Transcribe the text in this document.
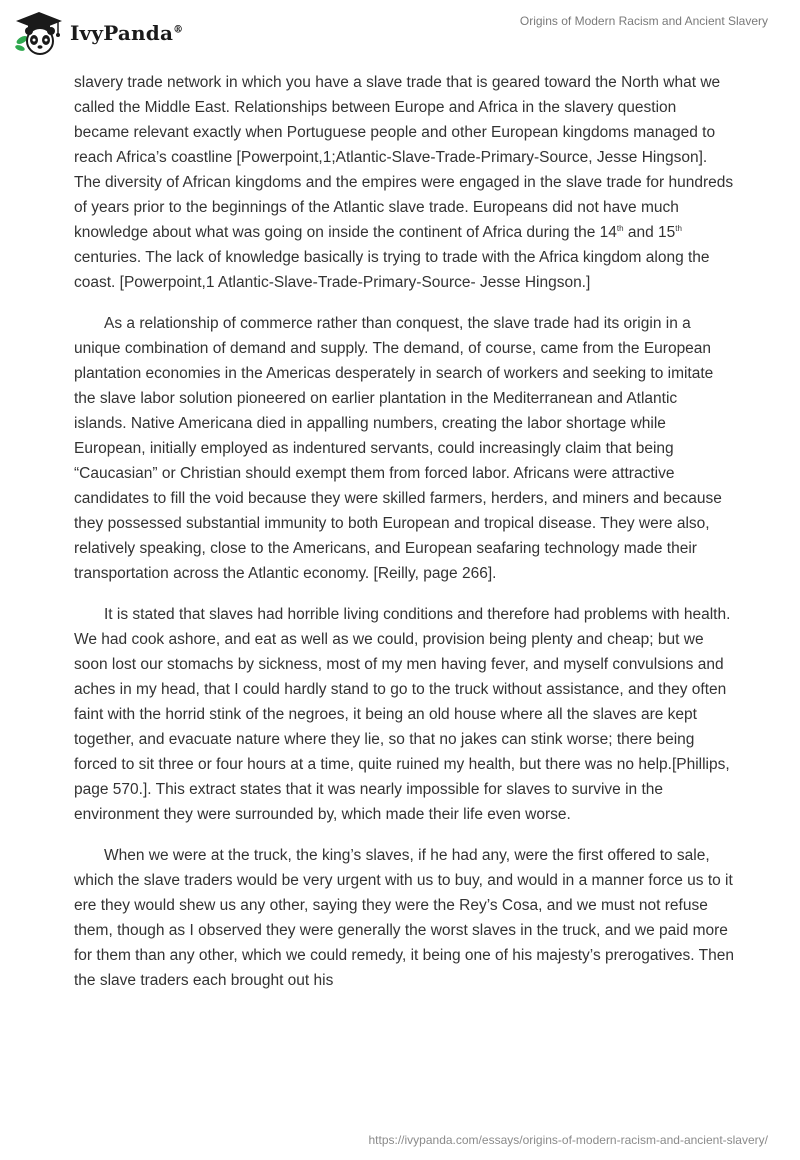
IvyPanda®
Origins of Modern Racism and Ancient Slavery

slavery trade network in which you have a slave trade that is geared toward the North what we called the Middle East. Relationships between Europe and Africa in the slavery question became relevant exactly when Portuguese people and other European kingdoms managed to reach Africa’s coastline [Powerpoint,1;Atlantic-Slave-Trade-Primary-Source, Jesse Hingson]. The diversity of African kingdoms and the empires were engaged in the slave trade for hundreds of years prior to the beginnings of the Atlantic slave trade. Europeans did not have much knowledge about what was going on inside the continent of Africa during the 14th and 15th centuries. The lack of knowledge basically is trying to trade with the Africa kingdom along the coast. [Powerpoint,1 Atlantic-Slave-Trade-Primary-Source- Jesse Hingson.]

As a relationship of commerce rather than conquest, the slave trade had its origin in a unique combination of demand and supply. The demand, of course, came from the European plantation economies in the Americas desperately in search of workers and seeking to imitate the slave labor solution pioneered on earlier plantation in the Mediterranean and Atlantic islands. Native Americana died in appalling numbers, creating the labor shortage while European, initially employed as indentured servants, could increasingly claim that being “Caucasian” or Christian should exempt them from forced labor. Africans were attractive candidates to fill the void because they were skilled farmers, herders, and miners and because they possessed substantial immunity to both European and tropical disease. They were also, relatively speaking, close to the Americans, and European seafaring technology made their transportation across the Atlantic economy. [Reilly, page 266].

It is stated that slaves had horrible living conditions and therefore had problems with health. We had cook ashore, and eat as well as we could, provision being plenty and cheap; but we soon lost our stomachs by sickness, most of my men having fever, and myself convulsions and aches in my head, that I could hardly stand to go to the truck without assistance, and they often faint with the horrid stink of the negroes, it being an old house where all the slaves are kept together, and evacuate nature where they lie, so that no jakes can stink worse; there being forced to sit three or four hours at a time, quite ruined my health, but there was no help.[Phillips, page 570.]. This extract states that it was nearly impossible for slaves to survive in the environment they were surrounded by, which made their life even worse.

When we were at the truck, the king’s slaves, if he had any, were the first offered to sale, which the slave traders would be very urgent with us to buy, and would in a manner force us to it ere they would shew us any other, saying they were the Rey’s Cosa, and we must not refuse them, though as I observed they were generally the worst slaves in the truck, and we paid more for them than any other, which we could remedy, it being one of his majesty’s prerogatives. Then the slave traders each brought out his

https://ivypanda.com/essays/origins-of-modern-racism-and-ancient-slavery/
